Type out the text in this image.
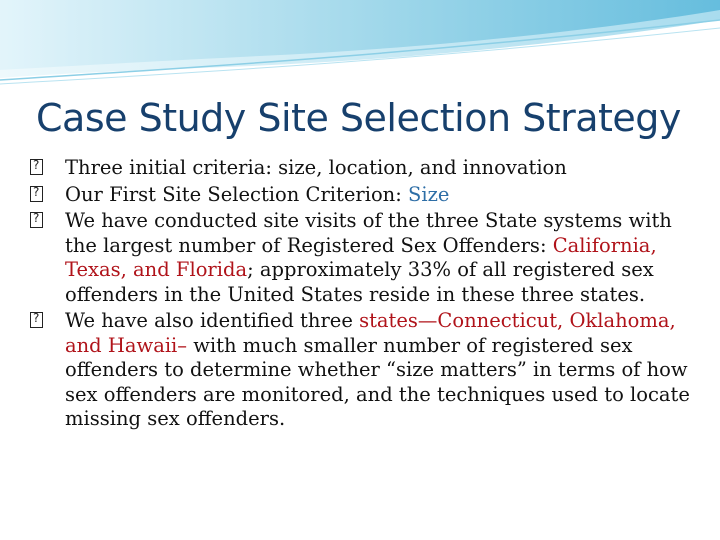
Case Study Site Selection Strategy
?
Three initial criteria: size, location, and innovation
?
Our First Site Selection Criterion: Size
?
We have conducted site visits of the three State systems with the largest number of Registered Sex Offenders: California, Texas, and Florida; approximately 33% of all registered sex offenders in the United States reside in these three states.
?
We have also identified three states—Connecticut, Oklahoma, and Hawaii– with much smaller number of registered sex offenders to determine whether “size matters” in terms of how sex offenders are monitored, and the techniques used to locate missing sex offenders.
